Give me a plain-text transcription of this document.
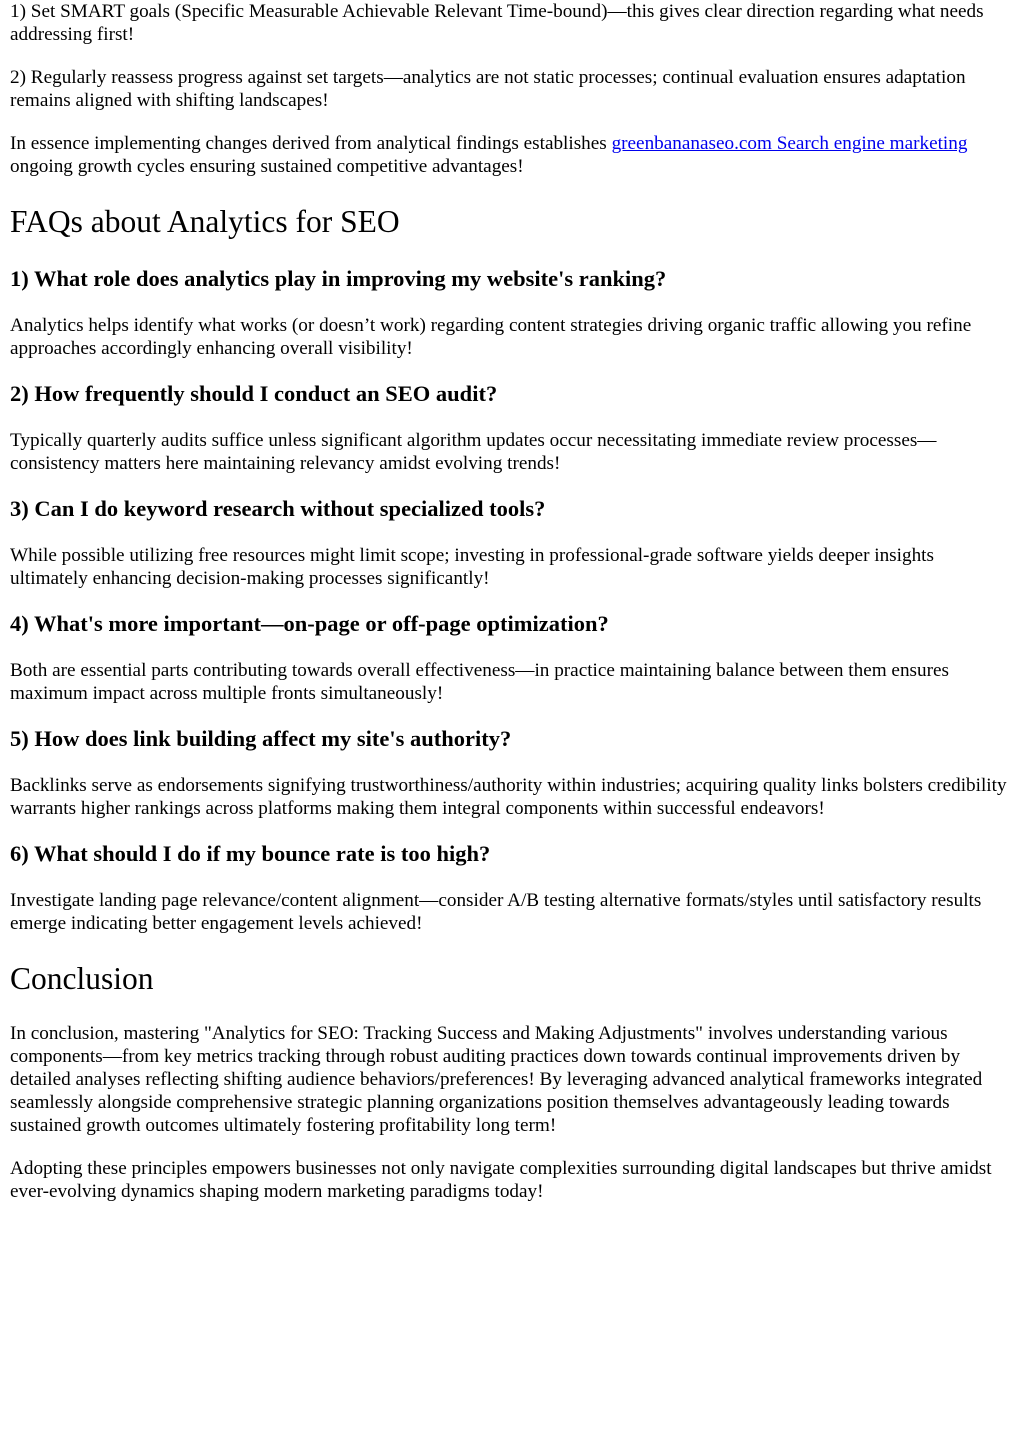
1) Set SMART goals (Specific Measurable Achievable Relevant Time-bound)—this gives clear direction regarding what needs addressing first!

2) Regularly reassess progress against set targets—analytics are not static processes; continual evaluation ensures adaptation remains aligned with shifting landscapes!

In essence implementing changes derived from analytical findings establishes greenbananaseo.com Search engine marketing ongoing growth cycles ensuring sustained competitive advantages!

FAQs about Analytics for SEO
1) What role does analytics play in improving my website's ranking?

Analytics helps identify what works (or doesn’t work) regarding content strategies driving organic traffic allowing you refine approaches accordingly enhancing overall visibility!

2) How frequently should I conduct an SEO audit?

Typically quarterly audits suffice unless significant algorithm updates occur necessitating immediate review processes—consistency matters here maintaining relevancy amidst evolving trends!

3) Can I do keyword research without specialized tools?

While possible utilizing free resources might limit scope; investing in professional-grade software yields deeper insights ultimately enhancing decision-making processes significantly!

4) What's more important—on-page or off-page optimization?

Both are essential parts contributing towards overall effectiveness—in practice maintaining balance between them ensures maximum impact across multiple fronts simultaneously!

5) How does link building affect my site's authority?

Backlinks serve as endorsements signifying trustworthiness/authority within industries; acquiring quality links bolsters credibility warrants higher rankings across platforms making them integral components within successful endeavors!

6) What should I do if my bounce rate is too high?

Investigate landing page relevance/content alignment—consider A/B testing alternative formats/styles until satisfactory results emerge indicating better engagement levels achieved!

Conclusion

In conclusion, mastering "Analytics for SEO: Tracking Success and Making Adjustments" involves understanding various components—from key metrics tracking through robust auditing practices down towards continual improvements driven by detailed analyses reflecting shifting audience behaviors/preferences! By leveraging advanced analytical frameworks integrated seamlessly alongside comprehensive strategic planning organizations position themselves advantageously leading towards sustained growth outcomes ultimately fostering profitability long term!

Adopting these principles empowers businesses not only navigate complexities surrounding digital landscapes but thrive amidst ever-evolving dynamics shaping modern marketing paradigms today!
